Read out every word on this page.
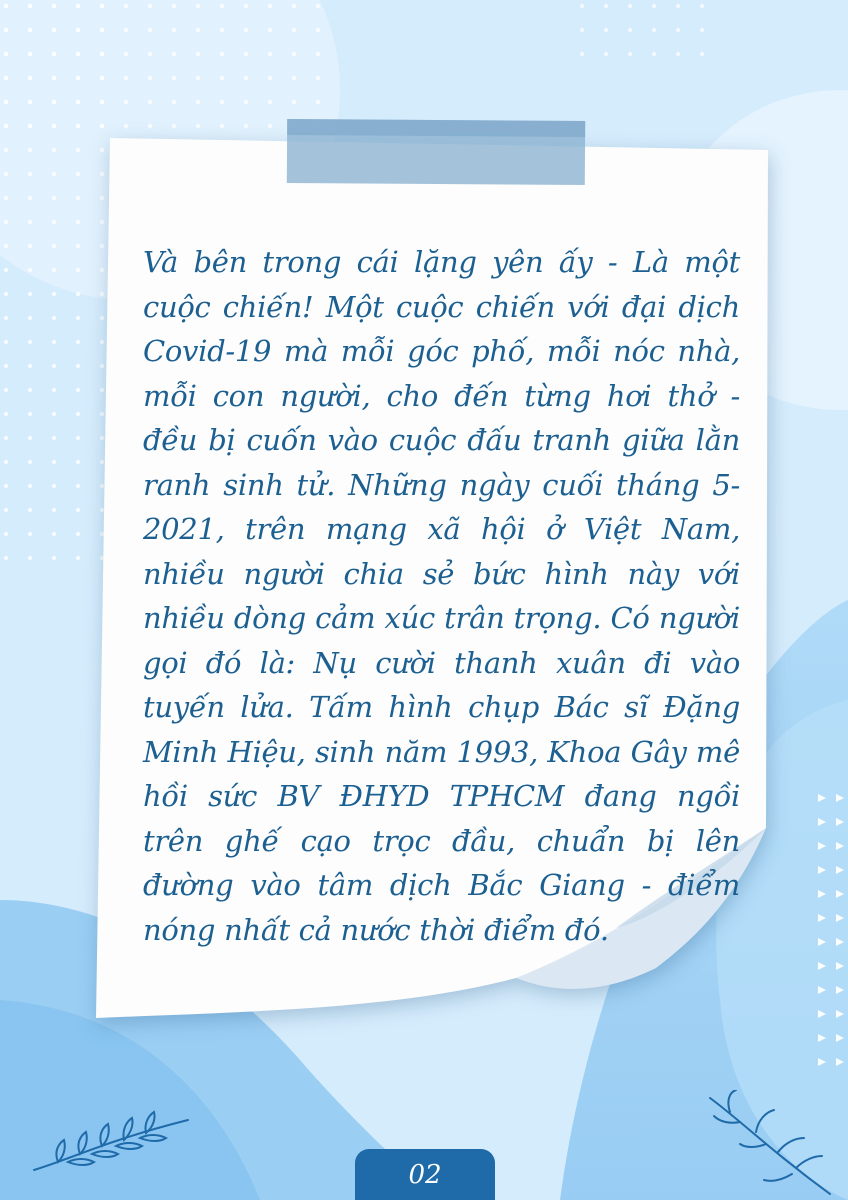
Và bên trong cái lặng yên ấy - Là một cuộc chiến! Một cuộc chiến với đại dịch Covid-19 mà mỗi góc phố, mỗi nóc nhà, mỗi con người, cho đến từng hơi thở - đều bị cuốn vào cuộc đấu tranh giữa lằn ranh sinh tử. Những ngày cuối tháng 5-2021, trên mạng xã hội ở Việt Nam, nhiều người chia sẻ bức hình này với nhiều dòng cảm xúc trân trọng. Có người gọi đó là: Nụ cười thanh xuân đi vào tuyến lửa. Tấm hình chụp Bác sĩ Đặng Minh Hiệu, sinh năm 1993, Khoa Gây mê hồi sức BV ĐHYD TPHCM đang ngồi trên ghế cạo trọc đầu, chuẩn bị lên đường vào tâm dịch Bắc Giang - điểm nóng nhất cả nước thời điểm đó.

02
